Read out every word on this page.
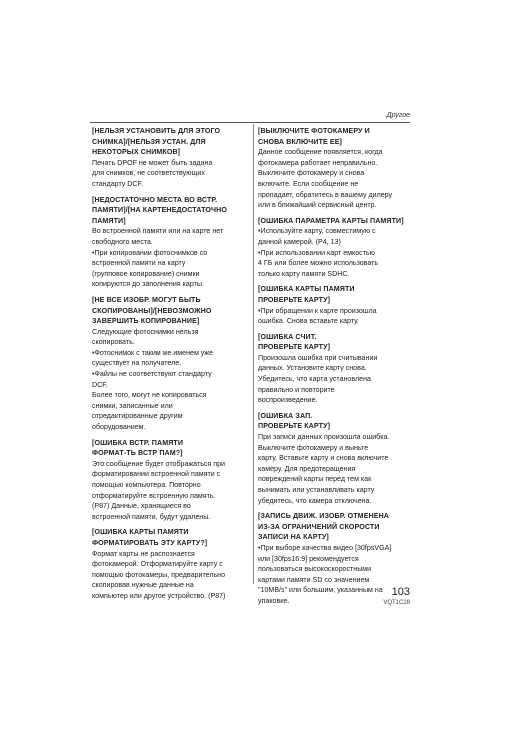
Другое
[НЕЛЬЗЯ УСТАНОВИТЬ ДЛЯ ЭТОГО
СНИМКА]/[НЕЛЬЗЯ УСТАН. ДЛЯ
НЕКОТОРЫХ СНИМКОВ]
Печать DPOF не может быть задана
для снимков, не соответствующих
стандарту DCF.
[НЕДОСТАТОЧНО МЕСТА ВО ВСТР.
ПАМЯТИ]/[НА КАРТЕНЕДОСТАТОЧНО
ПАМЯТИ]
Во встроенной памяти или на карте нет
свободного места.
•При копировании фотоснимков со
встроенной памяти на карту
(групповое копирование) снимки
копируются до заполнения карты.
[НЕ ВСЕ ИЗОБР. МОГУТ БЫТЬ
СКОПИРОВАНЫ]/[НЕВОЗМОЖНО
ЗАВЕРШИТЬ КОПИРОВАНИЕ]
Следующие фотоснимки нельзя
скопировать.
•Фотоснимок с таким же именем уже
существует на получателе.
•Файлы не соответствуют стандарту
DCF.
Более того, могут не копироваться
снимки, записанные или
отредактированные другим
оборудованием.
[ОШИБКА ВСТР. ПАМЯТИ
ФОРМАТ-ТЬ ВСТР ПАМ?]
Это сообщение будет отображаться при
форматировании встроенной памяти с
помощью компьютера. Повторно
отформатируйте встроенную память.
(P87) Данные, хранящиеся во
встроенной памяти, будут удалены.
[ОШИБКА КАРТЫ ПАМЯТИ
ФОРМАТИРОВАТЬ ЭТУ КАРТУ?]
Формат карты не распознается
фотокамерой. Отформатируйте карту с
помощью фотокамеры, предварительно
скопировав нужные данные на
компьютер или другое устройство. (P87)
[ВЫКЛЮЧИТЕ ФОТОКАМЕРУ И
СНОВА ВКЛЮЧИТЕ ЕЕ]
Данное сообщение появляется, когда
фотокамера работает неправильно.
Выключите фотокамеру и снова
включите. Если сообщение не
пропадает, обратитесь в вашему дилеру
или в ближайший сервисный центр.
[ОШИБКА ПАРАМЕТРА КАРТЫ ПАМЯТИ]
•Используйте карту, совместимую с
данной камерой. (P4, 13)
•При использовании карт емкостью
4 ГБ или более можно использовать
только карту памяти SDHC.
[ОШИБКА КАРТЫ ПАМЯТИ
ПРОВЕРЬТЕ КАРТУ]
•При обращении к карте произошла
ошибка. Снова вставьте карту.
[ОШИБКА СЧИТ.
ПРОВЕРЬТЕ КАРТУ]
Произошла ошибка при считывании
данных. Установите карту снова.
Убедитесь, что карта установлена
правильно и повторите
воспроизведение.
[ОШИБКА ЗАП.
ПРОВЕРЬТЕ КАРТУ]
При записи данных произошла ошибка.
Выключите фотокамеру и выньте
карту. Вставьте карту и снова включите
камеру. Для предотвращения
повреждений карты перед тем как
вынимать или устанавливать карту
убедитесь, что камера отключена.
[ЗАПИСЬ ДВИЖ. ИЗОБР. ОТМЕНЕНА
ИЗ-ЗА ОГРАНИЧЕНИЙ СКОРОСТИ
ЗАПИСИ НА КАРТУ]
•При выборе качества видео [30fpsVGA]
или [30fps16:9] рекомендуется
пользоваться высокоскоростными
картами памяти SD со значением
"10MB/s" или большим, указанным на
упаковке.
103
VQT1C28
